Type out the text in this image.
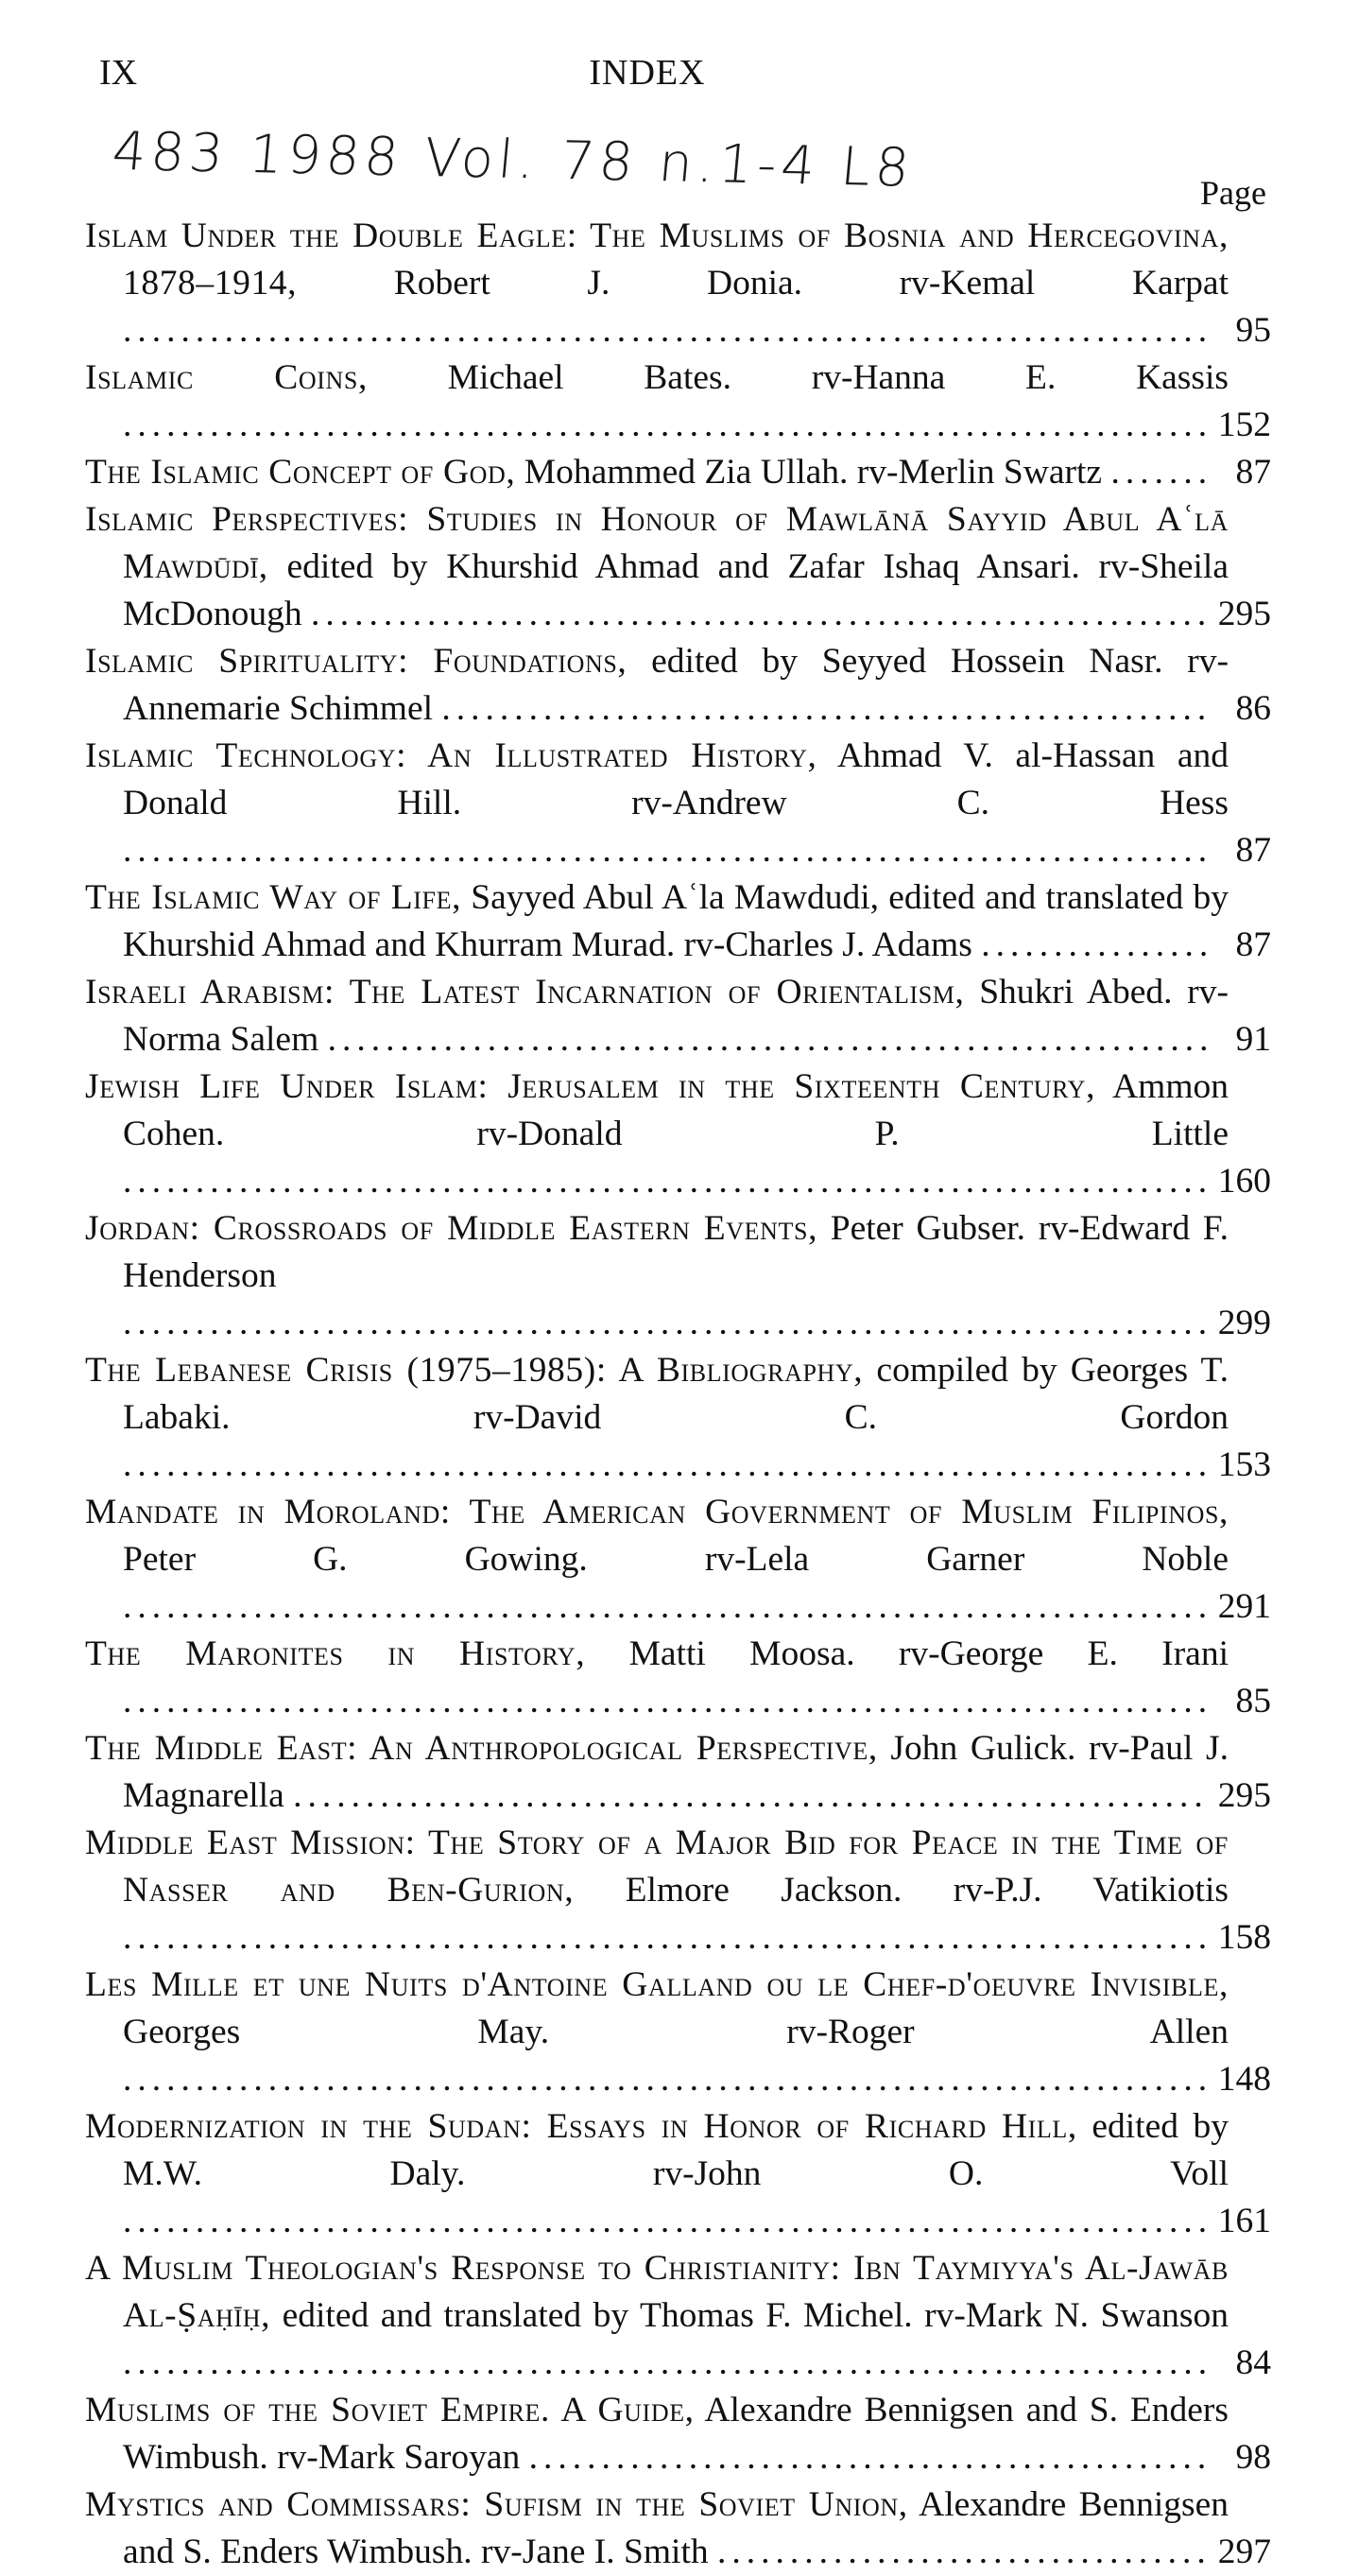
IX	INDEX
483 1988 Vol. 78 n.1-4 L8	Page
Islam Under the Double Eagle: The Muslims of Bosnia and Hercegovina, 1878–1914, Robert J. Donia. rv-Kemal Karpat ........................................................................... 95
Islamic Coins, Michael Bates. rv-Hanna E. Kassis ........................................................................... 152
The Islamic Concept of God, Mohammed Zia Ullah. rv-Merlin Swartz ....... 87
Islamic Perspectives: Studies in Honour of Mawlānā Sayyid Abul Aʿlā Mawdūdī, edited by Khurshid Ahmad and Zafar Ishaq Ansari. rv-Sheila McDonough .............................................................. 295
Islamic Spirituality: Foundations, edited by Seyyed Hossein Nasr. rv-Annemarie Schimmel ..................................................... 86
Islamic Technology: An Illustrated History, Ahmad V. al-Hassan and Donald Hill. rv-Andrew C. Hess ........................................................................... 87
The Islamic Way of Life, Sayyed Abul Aʿla Mawdudi, edited and translated by Khurshid Ahmad and Khurram Murad. rv-Charles J. Adams ................ 87
Israeli Arabism: The Latest Incarnation of Orientalism, Shukri Abed. rv-Norma Salem ............................................................. 91
Jewish Life Under Islam: Jerusalem in the Sixteenth Century, Ammon Cohen. rv-Donald P. Little ........................................................................... 160
Jordan: Crossroads of Middle Eastern Events, Peter Gubser. rv-Edward F. Henderson ........................................................................... 299
The Lebanese Crisis (1975–1985): A Bibliography, compiled by Georges T. Labaki. rv-David C. Gordon ........................................................................... 153
Mandate in Moroland: The American Government of Muslim Filipinos, Peter G. Gowing. rv-Lela Garner Noble ........................................................................... 291
The Maronites in History, Matti Moosa. rv-George E. Irani ........................................................................... 85
The Middle East: An Anthropological Perspective, John Gulick. rv-Paul J. Magnarella ............................................................... 295
Middle East Mission: The Story of a Major Bid for Peace in the Time of Nasser and Ben-Gurion, Elmore Jackson. rv-P.J. Vatikiotis ........................................................................... 158
Les Mille et une Nuits d'Antoine Galland ou le Chef-d'oeuvre Invisible, Georges May. rv-Roger Allen ........................................................................... 148
Modernization in the Sudan: Essays in Honor of Richard Hill, edited by M.W. Daly. rv-John O. Voll ........................................................................... 161
A Muslim Theologian's Response to Christianity: Ibn Taymiyya's Al-Jawāb Al-Ṣaḥīḥ, edited and translated by Thomas F. Michel. rv-Mark N. Swanson ........................................................................... 84
Muslims of the Soviet Empire. A Guide, Alexandre Bennigsen and S. Enders Wimbush. rv-Mark Saroyan ............................................... 98
Mystics and Commissars: Sufism in the Soviet Union, Alexandre Bennigsen and S. Enders Wimbush. rv-Jane I. Smith .................................. 297
